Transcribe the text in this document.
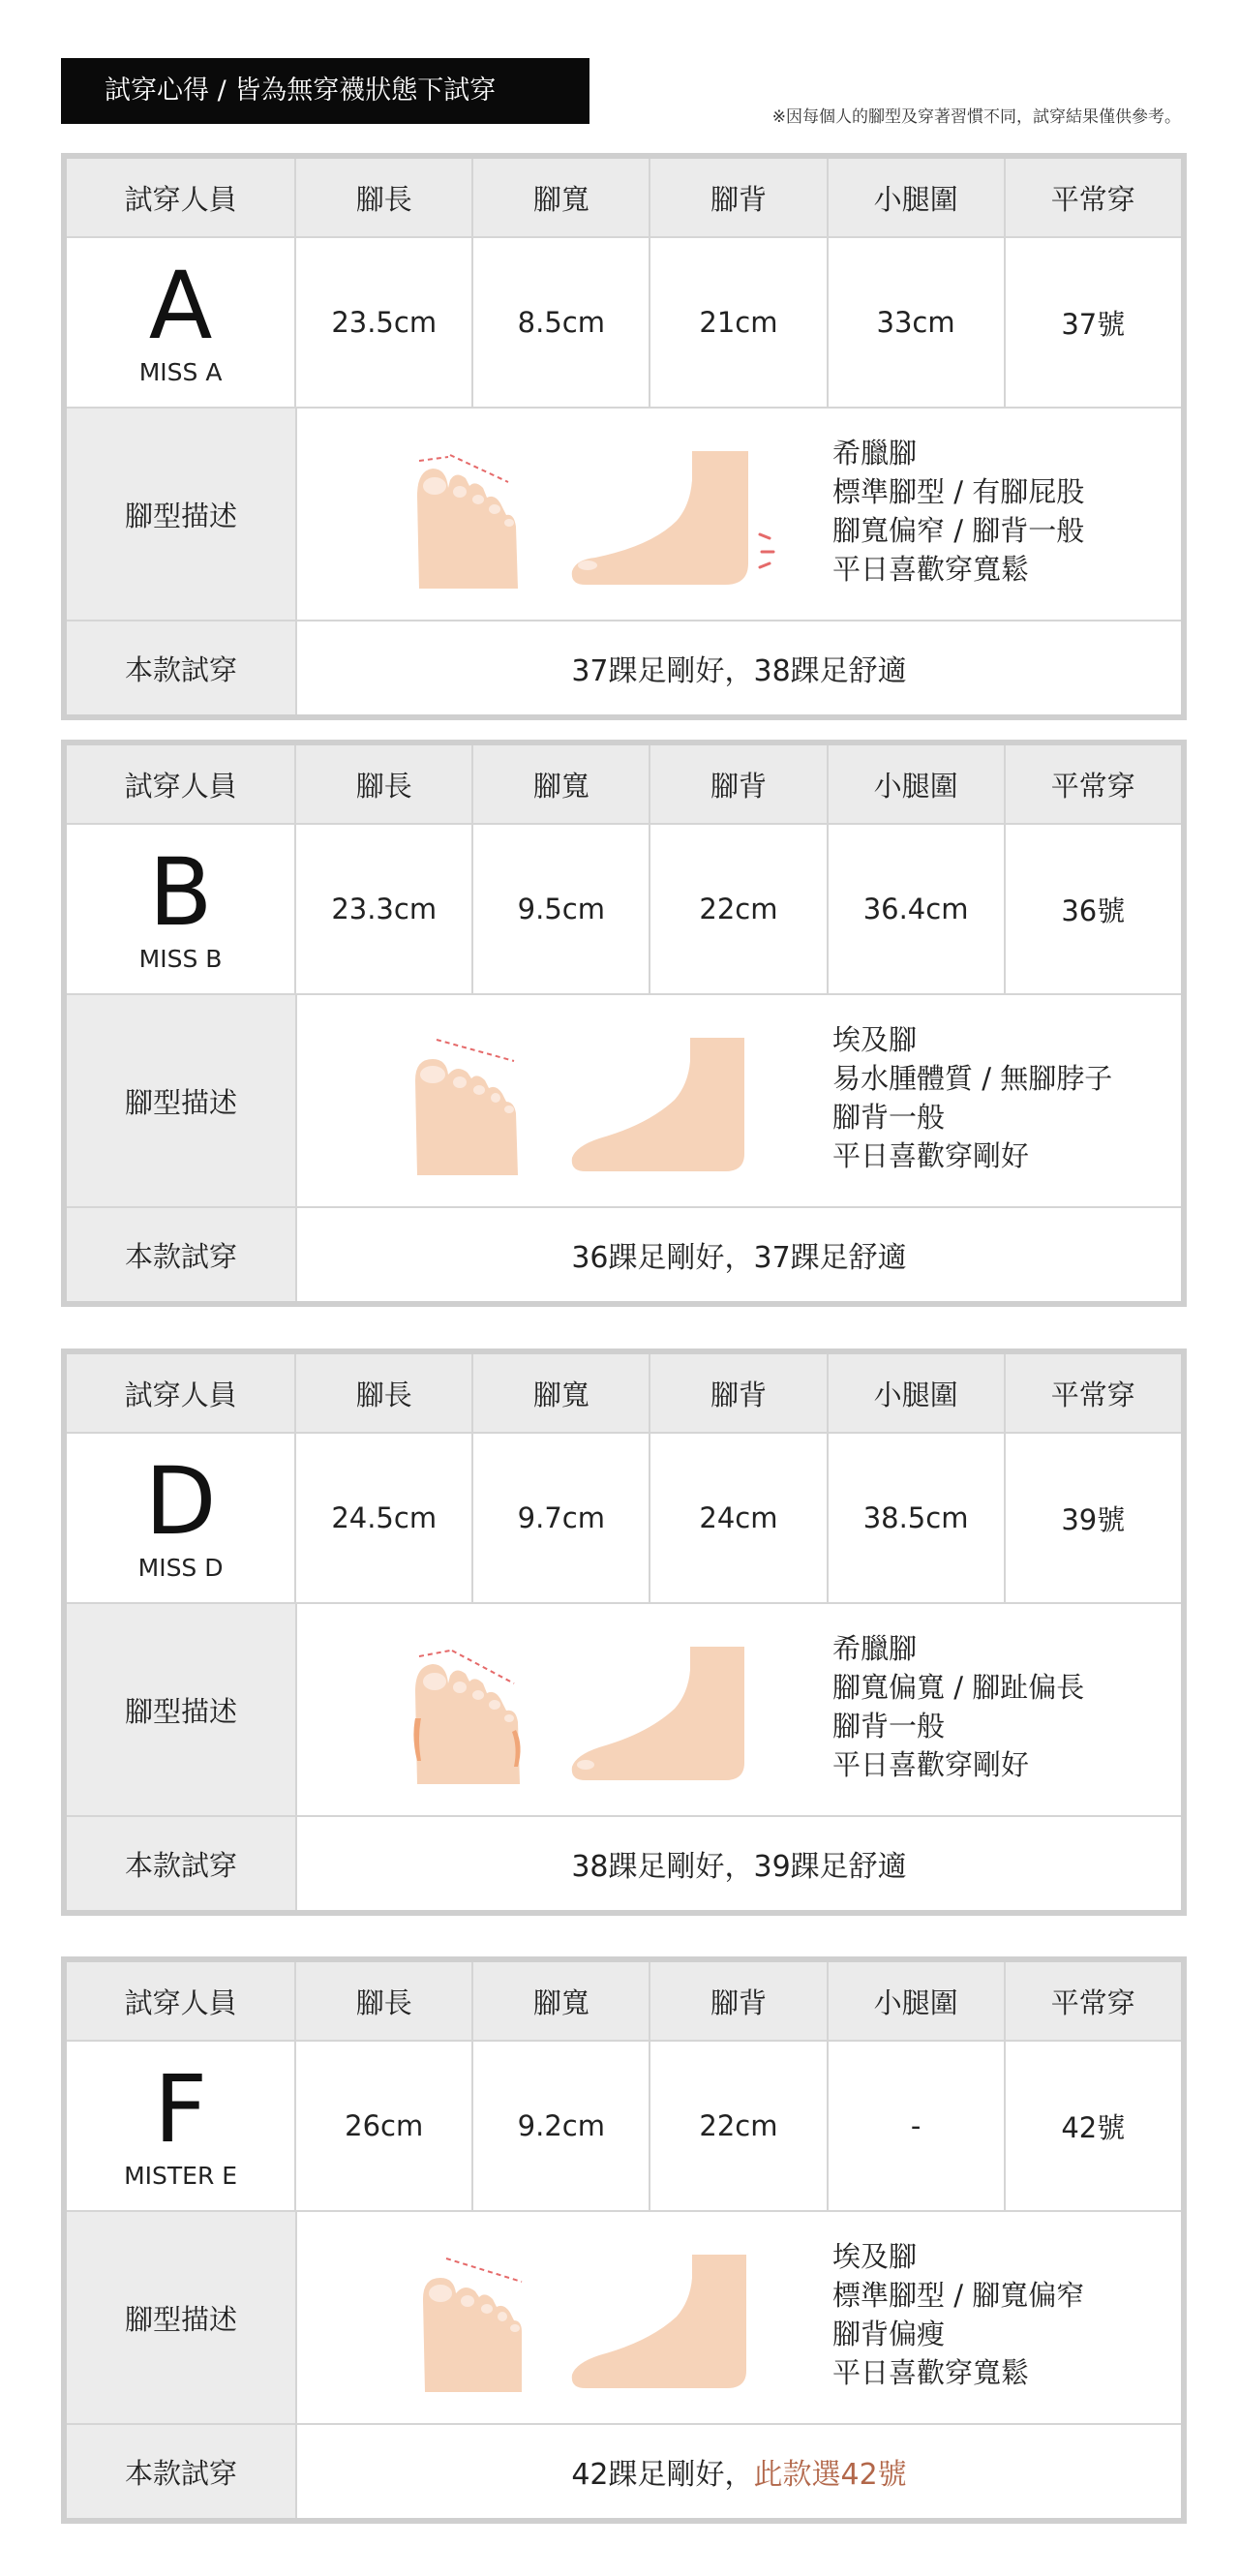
試穿心得 / 皆為無穿襪狀態下試穿
※因每個人的腳型及穿著習慣不同，試穿結果僅供參考。
試穿人員	腳長	腳寬	腳背	小腿圍	平常穿
A
MISS A
23.5cm	8.5cm	21cm	33cm	37號
腳型描述
希臘腳
標準腳型 / 有腳屁股
腳寬偏窄 / 腳背一般
平日喜歡穿寬鬆
本款試穿	37踝足剛好，38踝足舒適
試穿人員	腳長	腳寬	腳背	小腿圍	平常穿
B
MISS B
23.3cm	9.5cm	22cm	36.4cm	36號
腳型描述
埃及腳
易水腫體質 / 無腳脖子
腳背一般
平日喜歡穿剛好
本款試穿	36踝足剛好，37踝足舒適
試穿人員	腳長	腳寬	腳背	小腿圍	平常穿
D
MISS D
24.5cm	9.7cm	24cm	38.5cm	39號
腳型描述
希臘腳
腳寬偏寬 / 腳趾偏長
腳背一般
平日喜歡穿剛好
本款試穿	38踝足剛好，39踝足舒適
試穿人員	腳長	腳寬	腳背	小腿圍	平常穿
F
MISTER E
26cm	9.2cm	22cm	-	42號
腳型描述
埃及腳
標準腳型 / 腳寬偏窄
腳背偏瘦
平日喜歡穿寬鬆
本款試穿	42踝足剛好， 此款選42號
